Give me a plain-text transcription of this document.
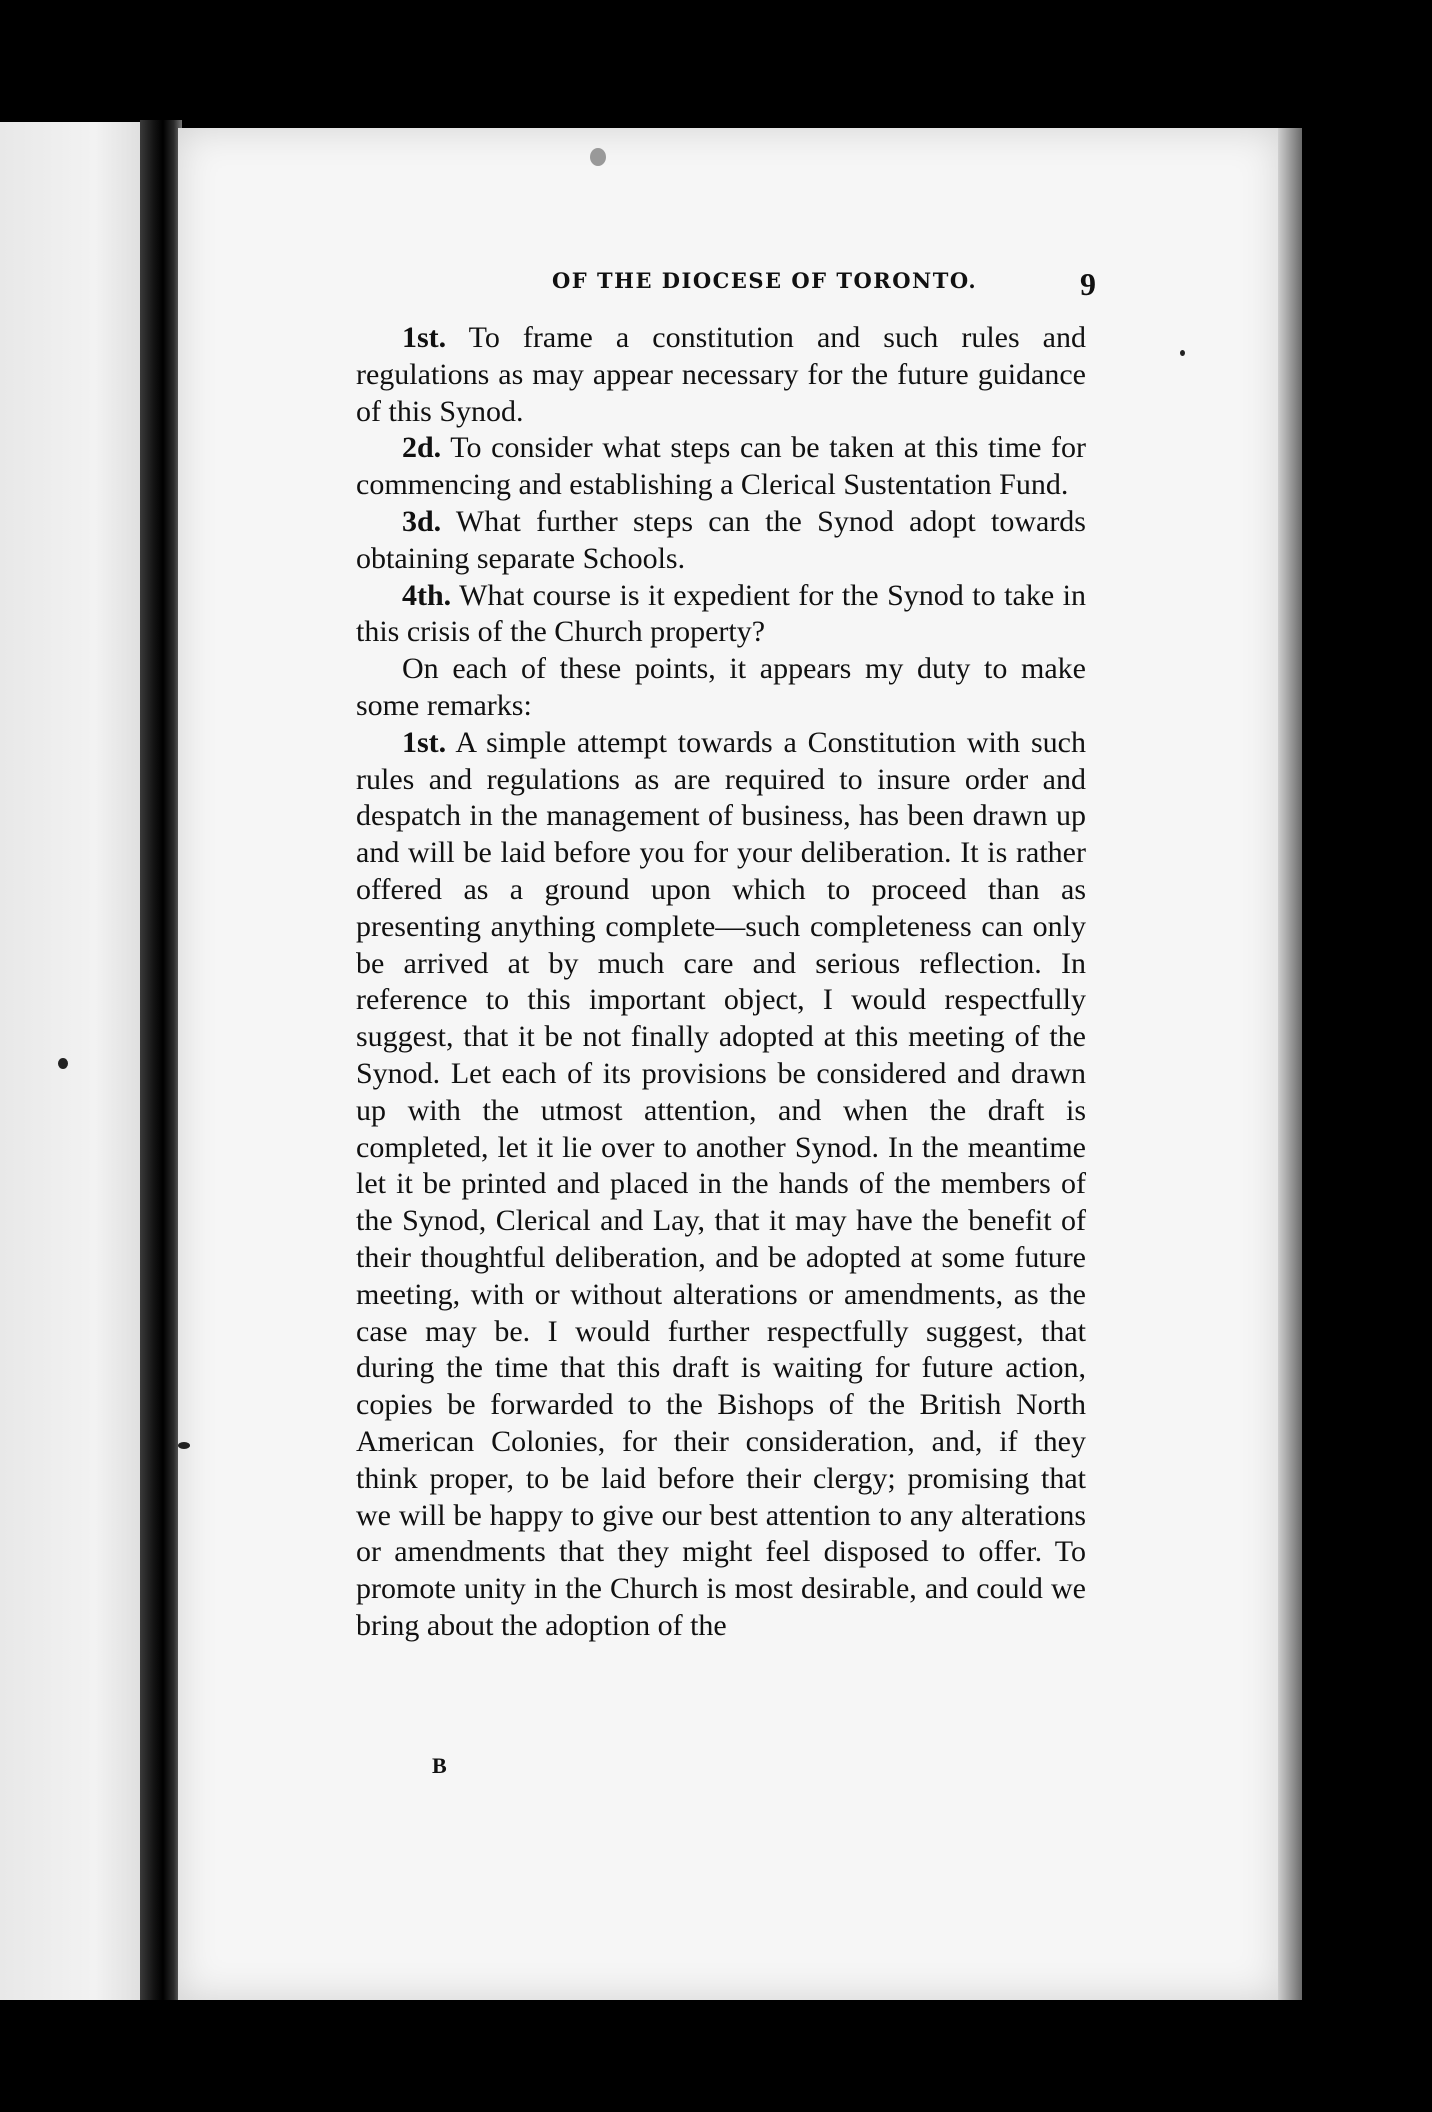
OF THE DIOCESE OF TORONTO.	9

1st. To frame a constitution and such rules and regulations as may appear necessary for the future guidance of this Synod.

2d. To consider what steps can be taken at this time for commencing and establishing a Clerical Sustentation Fund.

3d. What further steps can the Synod adopt towards obtaining separate Schools.

4th. What course is it expedient for the Synod to take in this crisis of the Church property?

On each of these points, it appears my duty to make some remarks:

1st. A simple attempt towards a Constitution with such rules and regulations as are required to insure order and despatch in the management of business, has been drawn up and will be laid before you for your deliberation. It is rather offered as a ground upon which to proceed than as presenting anything complete—such completeness can only be arrived at by much care and serious reflection. In reference to this important object, I would respectfully suggest, that it be not finally adopted at this meeting of the Synod. Let each of its provisions be considered and drawn up with the utmost attention, and when the draft is completed, let it lie over to another Synod. In the meantime let it be printed and placed in the hands of the members of the Synod, Clerical and Lay, that it may have the benefit of their thoughtful deliberation, and be adopted at some future meeting, with or without alterations or amendments, as the case may be. I would further respectfully suggest, that during the time that this draft is waiting for future action, copies be forwarded to the Bishops of the British North American Colonies, for their consideration, and, if they think proper, to be laid before their clergy; promising that we will be happy to give our best attention to any alterations or amendments that they might feel disposed to offer. To promote unity in the Church is most desirable, and could we bring about the adoption of the

B
